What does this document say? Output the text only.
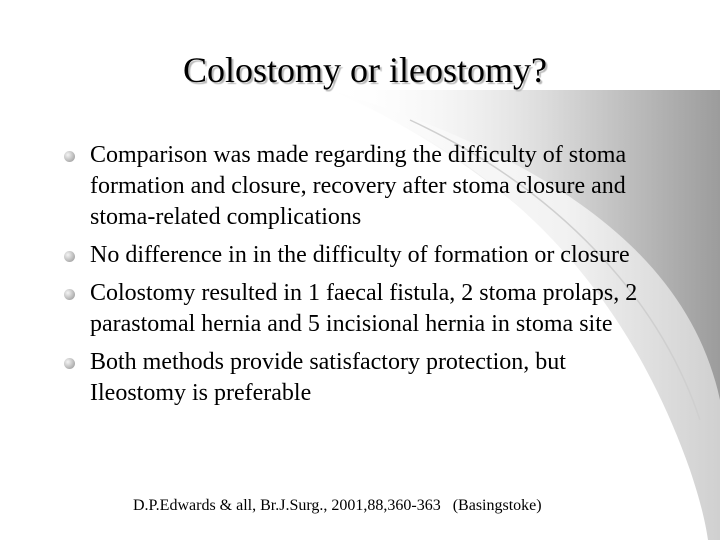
Colostomy or ileostomy?
Comparison was made regarding the difficulty of stoma formation and closure, recovery after stoma closure and stoma-related complications
No difference in in the difficulty of formation or closure
Colostomy resulted in 1 faecal fistula, 2 stoma prolaps, 2 parastomal hernia and 5 incisional hernia in stoma site
Both methods provide satisfactory protection, but Ileostomy is preferable
D.P.Edwards & all, Br.J.Surg., 2001,88,360-363   (Basingstoke)
